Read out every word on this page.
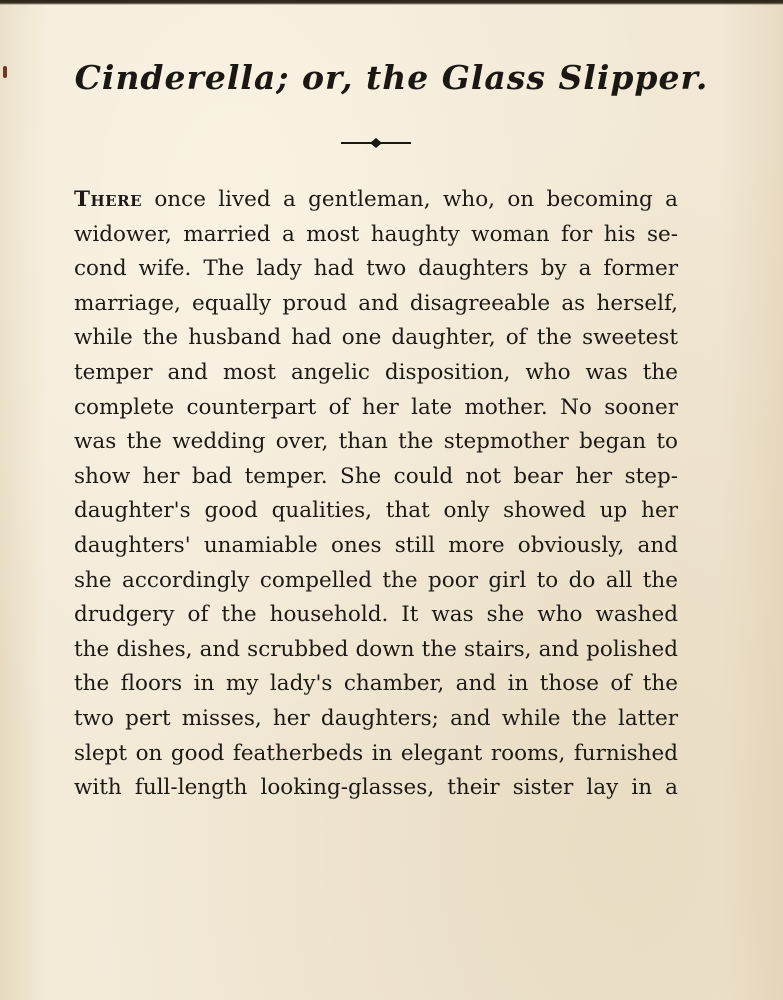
Cinderella; or, the Glass Slipper.
There once lived a gentleman, who, on becoming a
widower, married a most haughty woman for his se-
cond wife. The lady had two daughters by a former
marriage, equally proud and disagreeable as herself,
while the husband had one daughter, of the sweetest
temper and most angelic disposition, who was the
complete counterpart of her late mother. No sooner
was the wedding over, than the stepmother began to
show her bad temper. She could not bear her step-
daughter's good qualities, that only showed up her
daughters' unamiable ones still more obviously, and
she accordingly compelled the poor girl to do all the
drudgery of the household. It was she who washed
the dishes, and scrubbed down the stairs, and polished
the floors in my lady's chamber, and in those of the
two pert misses, her daughters; and while the latter
slept on good featherbeds in elegant rooms, furnished
with full-length looking-glasses, their sister lay in a
